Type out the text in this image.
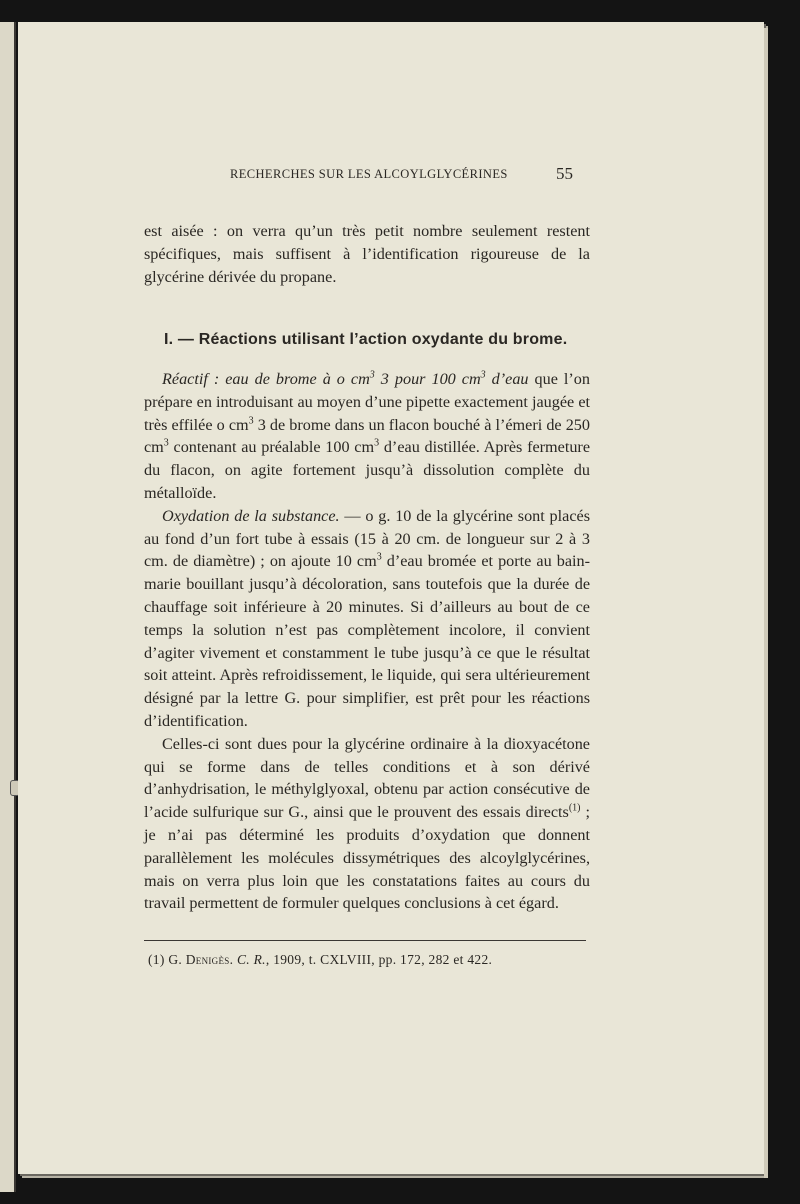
RECHERCHES SUR LES ALCOYLGLYCÉRINES	55

est aisée : on verra qu’un très petit nombre seulement restent spécifiques, mais suffisent à l’identification rigoureuse de la glycérine dérivée du propane.

I. — Réactions utilisant l’action oxydante du brome.

Réactif : eau de brome à o $cm^3$ 3 pour 100 $cm^3$ d’eau que l’on prépare en introduisant au moyen d’une pipette exactement jaugée et très effilée o $cm^3$ 3 de brome dans un flacon bouché à l’émeri de 250 $cm^3$ contenant au préalable 100 $cm^3$ d’eau distillée. Après fermeture du flacon, on agite fortement jusqu’à dissolution complète du métalloïde.

Oxydation de la substance. — o g. 10 de la glycérine sont placés au fond d’un fort tube à essais (15 à 20 cm. de longueur sur 2 à 3 cm. de diamètre) ; on ajoute 10 $cm^3$ d’eau bromée et porte au bain-marie bouillant jusqu’à décoloration, sans toutefois que la durée de chauffage soit inférieure à 20 minutes. Si d’ailleurs au bout de ce temps la solution n’est pas complètement incolore, il convient d’agiter vivement et constamment le tube jusqu’à ce que le résultat soit atteint. Après refroidissement, le liquide, qui sera ultérieurement désigné par la lettre G. pour simplifier, est prêt pour les réactions d’identification.

Celles-ci sont dues pour la glycérine ordinaire à la dioxyacétone qui se forme dans de telles conditions et à son dérivé d’anhydrisation, le méthylglyoxal, obtenu par action consécutive de l’acide sulfurique sur G., ainsi que le prouvent des essais directs$^{(1)}$ ; je n’ai pas déterminé les produits d’oxydation que donnent parallèlement les molécules dissymétriques des alcoylglycérines, mais on verra plus loin que les constatations faites au cours du travail permettent de formuler quelques conclusions à cet égard.

(1) G. Denigès. C. R., 1909, t. CXLVIII, pp. 172, 282 et 422.
